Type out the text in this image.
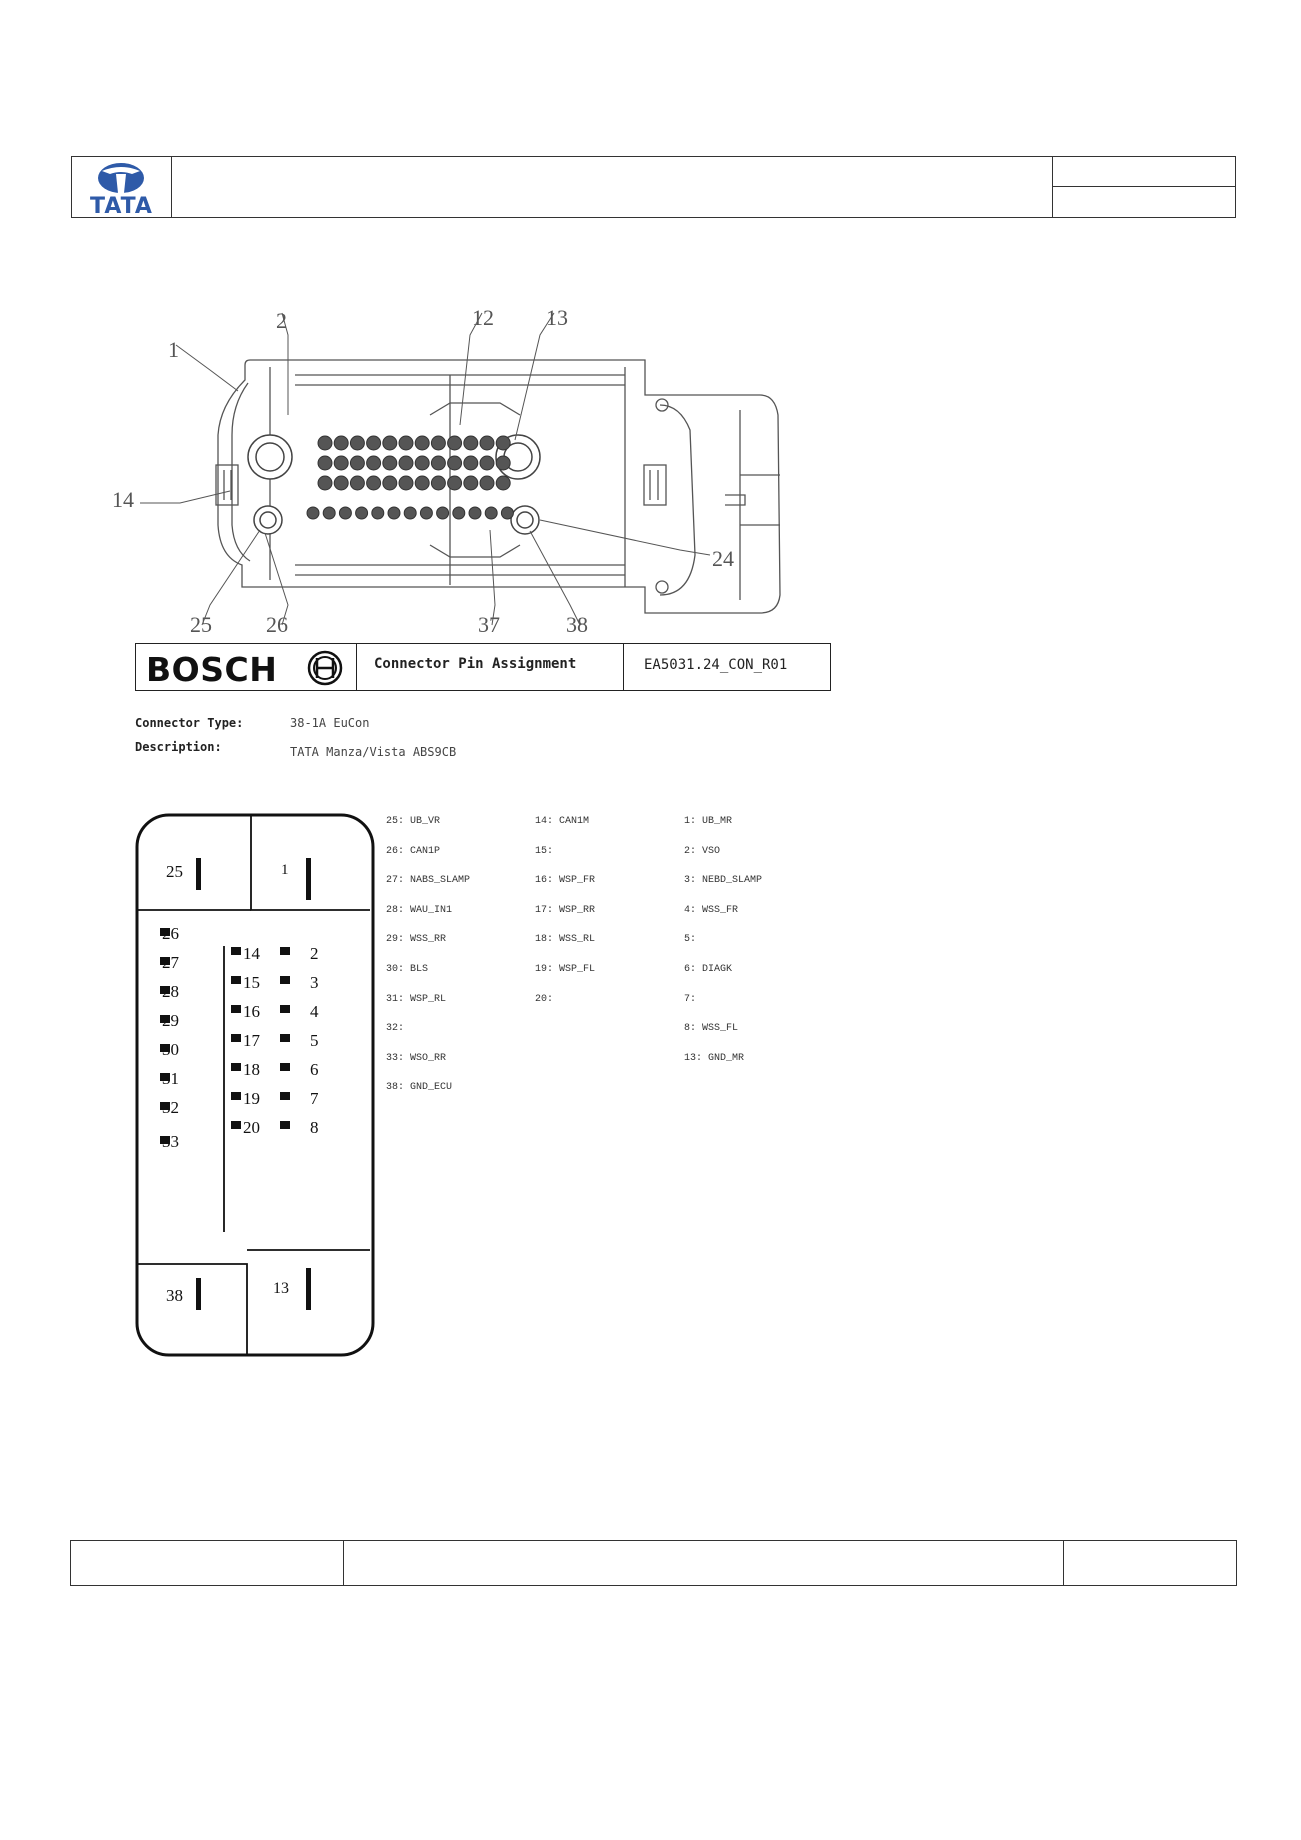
TATA
1
2	12 13
14
24
25 26	37	38
BOSCH	Connector Pin Assignment	EA5031.24_CON_R01
Connector Type:	38-1A EuCon
Description:	TATA Manza/Vista ABS9CB
25	1
26
27
28
29
30
31
32
33
14
15
16
17
18
19
20
2
3
4
5
6
7
8
38	13
25: UB_VR
26: CAN1P
27: NABS_SLAMP
28: WAU_IN1
29: WSS_RR
30: BLS
31: WSP_RL
32:
33: WSO_RR
38: GND_ECU
14: CAN1M
15:
16: WSP_FR
17: WSP_RR
18: WSS_RL
19: WSP_FL
20:
1: UB_MR
2: VSO
3: NEBD_SLAMP
4: WSS_FR
5:
6: DIAGK
7:
8: WSS_FL
13: GND_MR
